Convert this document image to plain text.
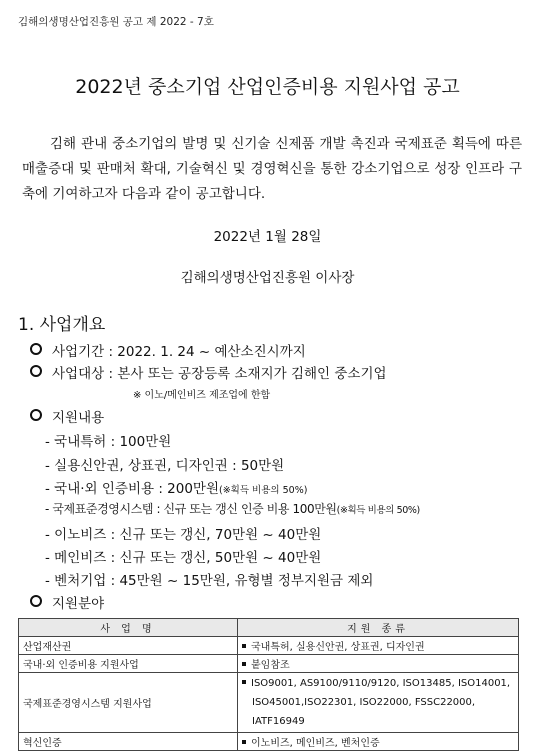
김해의생명산업진흥원 공고 제 2022 - 7호
2022년 중소기업 산업인증비용 지원사업 공고
김해 관내 중소기업의 발명 및 신기술 신제품 개발 촉진과 국제표준 획득에 따른 매출증대 및 판매처 확대, 기술혁신 및 경영혁신을 통한 강소기업으로 성장 인프라 구축에 기여하고자 다음과 같이 공고합니다.
2022년 1월 28일
김해의생명산업진흥원 이사장
1. 사업개요
사업기간 : 2022. 1. 24 ~ 예산소진시까지
사업대상 : 본사 또는 공장등록 소재지가 김해인 중소기업
※ 이노/메인비즈 제조업에 한함
지원내용
- 국내특허 : 100만원
- 실용신안권, 상표권, 디자인권 : 50만원
- 국내·외 인증비용 : 200만원(※획득 비용의 50%)
- 국제표준경영시스템 : 신규 또는 갱신 인증 비용 100만원(※획득 비용의 50%)
- 이노비즈 : 신규 또는 갱신, 70만원 ~ 40만원
- 메인비즈 : 신규 또는 갱신, 50만원 ~ 40만원
- 벤처기업 : 45만원 ~ 15만원, 유형별 정부지원금 제외
지원분야
사 업 명	지원 종류
산업재산권	국내특허, 실용신안권, 상표권, 디자인권
국내·외 인증비용 지원사업	붙임참조
국제표준경영시스템 지원사업	ISO9001, AS9100/9110/9120, ISO13485, ISO14001,
ISO45001,ISO22301, ISO22000, FSSC22000, IATF16949

혁신인증	이노비즈, 메인비즈, 벤처인증
